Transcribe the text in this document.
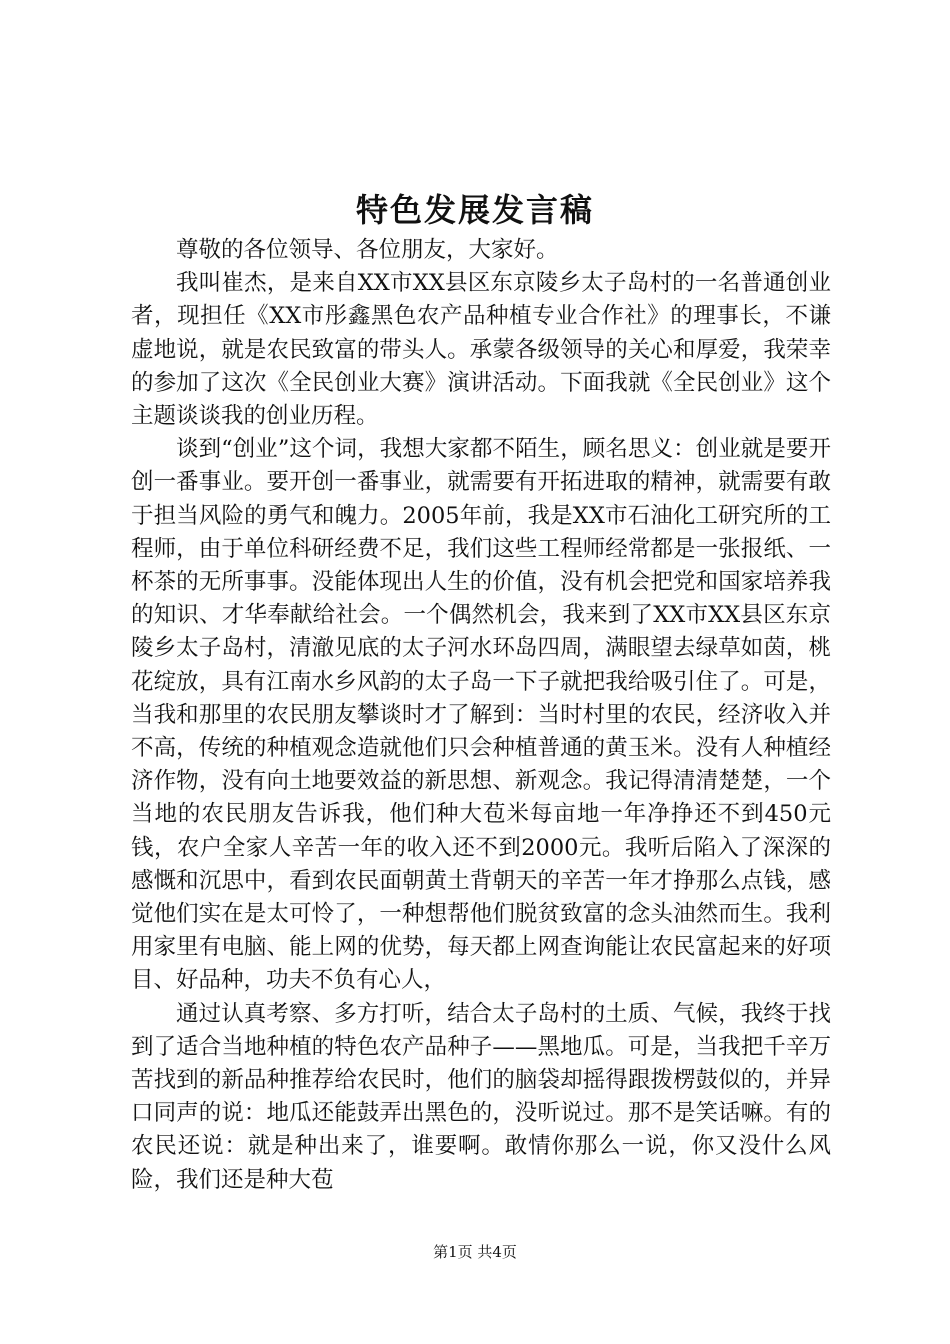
特色发展发言稿

尊敬的各位领导、各位朋友，大家好。

我叫崔杰，是来自XX市XX县区东京陵乡太子岛村的一名普通创业者，现担任《XX市彤鑫黑色农产品种植专业合作社》的理事长，不谦虚地说，就是农民致富的带头人。承蒙各级领导的关心和厚爱，我荣幸的参加了这次《全民创业大赛》演讲活动。下面我就《全民创业》这个主题谈谈我的创业历程。

谈到“创业”这个词，我想大家都不陌生，顾名思义：创业就是要开创一番事业。要开创一番事业，就需要有开拓进取的精神，就需要有敢于担当风险的勇气和魄力。2005年前，我是XX市石油化工研究所的工程师，由于单位科研经费不足，我们这些工程师经常都是一张报纸、一杯茶的无所事事。没能体现出人生的价值，没有机会把党和国家培养我的知识、才华奉献给社会。一个偶然机会，我来到了XX市XX县区东京陵乡太子岛村，清澈见底的太子河水环岛四周，满眼望去绿草如茵，桃花绽放，具有江南水乡风韵的太子岛一下子就把我给吸引住了。可是，当我和那里的农民朋友攀谈时才了解到：当时村里的农民，经济收入并不高，传统的种植观念造就他们只会种植普通的黄玉米。没有人种植经济作物，没有向土地要效益的新思想、新观念。我记得清清楚楚，一个当地的农民朋友告诉我，他们种大苞米每亩地一年净挣还不到450元钱，农户全家人辛苦一年的收入还不到2000元。我听后陷入了深深的感慨和沉思中，看到农民面朝黄土背朝天的辛苦一年才挣那么点钱，感觉他们实在是太可怜了，一种想帮他们脱贫致富的念头油然而生。我利用家里有电脑、能上网的优势，每天都上网查询能让农民富起来的好项目、好品种，功夫不负有心人，

通过认真考察、多方打听，结合太子岛村的土质、气候，我终于找到了适合当地种植的特色农产品种子——黑地瓜。可是，当我把千辛万苦找到的新品种推荐给农民时，他们的脑袋却摇得跟拨楞鼓似的，并异口同声的说：地瓜还能鼓弄出黑色的，没听说过。那不是笑话嘛。有的农民还说：就是种出来了，谁要啊。敢情你那么一说，你又没什么风险，我们还是种大苞

第1页 共4页
